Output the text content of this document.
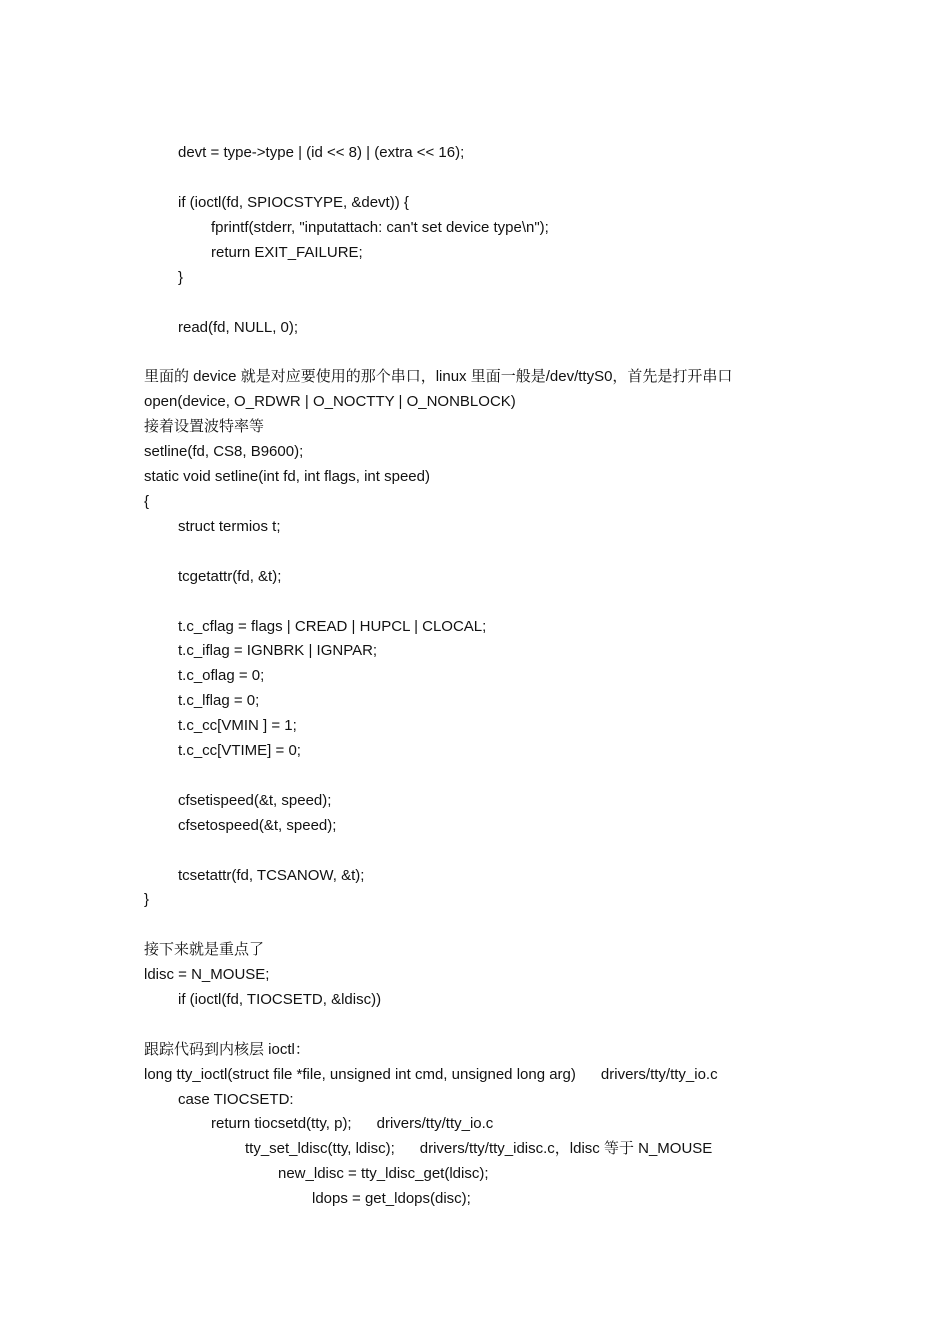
devt = type->type | (id << 8) | (extra << 16);
if (ioctl(fd, SPIOCSTYPE, &devt)) {
fprintf(stderr, "inputattach: can't set device type\n");
return EXIT_FAILURE;
}
read(fd, NULL, 0);
里面的 device 就是对应要使用的那个串口，linux 里面一般是/dev/ttyS0，首先是打开串口
open(device, O_RDWR | O_NOCTTY | O_NONBLOCK)
接着设置波特率等
setline(fd, CS8, B9600);
static void setline(int fd, int flags, int speed)
{
struct termios t;
tcgetattr(fd, &t);
t.c_cflag = flags | CREAD | HUPCL | CLOCAL;
t.c_iflag = IGNBRK | IGNPAR;
t.c_oflag = 0;
t.c_lflag = 0;
t.c_cc[VMIN ] = 1;
t.c_cc[VTIME] = 0;
cfsetispeed(&t, speed);
cfsetospeed(&t, speed);
tcsetattr(fd, TCSANOW, &t);
}
接下来就是重点了
ldisc = N_MOUSE;
if (ioctl(fd, TIOCSETD, &ldisc))
跟踪代码到内核层 ioctl：
long tty_ioctl(struct file *file, unsigned int cmd, unsigned long arg) drivers/tty/tty_io.c
case TIOCSETD:
return tiocsetd(tty, p); drivers/tty/tty_io.c
tty_set_ldisc(tty, ldisc); drivers/tty/tty_idisc.c，ldisc 等于 N_MOUSE
new_ldisc = tty_ldisc_get(ldisc);
ldops = get_ldops(disc);
